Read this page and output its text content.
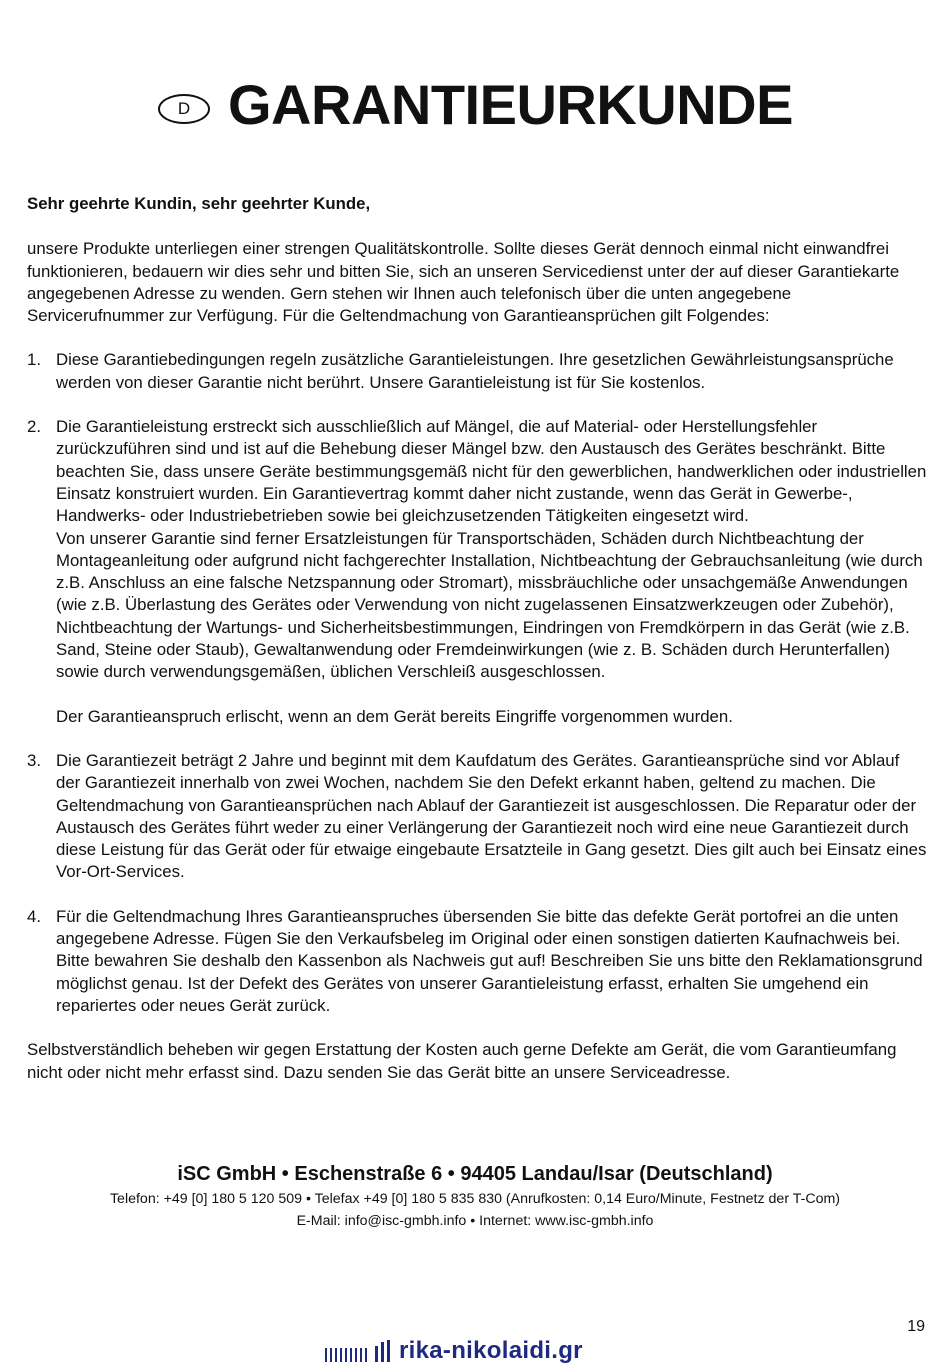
D GARANTIEURKUNDE

Sehr geehrte Kundin, sehr geehrter Kunde,

unsere Produkte unterliegen einer strengen Qualitätskontrolle. Sollte dieses Gerät dennoch einmal nicht einwandfrei funktionieren, bedauern wir dies sehr und bitten Sie, sich an unseren Servicedienst unter der auf dieser Garantiekarte angegebenen Adresse zu wenden. Gern stehen wir Ihnen auch telefonisch über die unten angegebene Servicerufnummer zur Verfügung. Für die Geltendmachung von Garantieansprüchen gilt Folgendes:

1. Diese Garantiebedingungen regeln zusätzliche Garantieleistungen. Ihre gesetzlichen Gewährleistungsansprüche werden von dieser Garantie nicht berührt. Unsere Garantieleistung ist für Sie kostenlos.

2. Die Garantieleistung erstreckt sich ausschließlich auf Mängel, die auf Material- oder Herstellungsfehler zurückzuführen sind und ist auf die Behebung dieser Mängel bzw. den Austausch des Gerätes beschränkt. Bitte beachten Sie, dass unsere Geräte bestimmungsgemäß nicht für den gewerblichen, handwerklichen oder industriellen Einsatz konstruiert wurden. Ein Garantievertrag kommt daher nicht zustande, wenn das Gerät in Gewerbe-, Handwerks- oder Industriebetrieben sowie bei gleichzusetzenden Tätigkeiten eingesetzt wird.

Von unserer Garantie sind ferner Ersatzleistungen für Transportschäden, Schäden durch Nichtbeachtung der Montageanleitung oder aufgrund nicht fachgerechter Installation, Nichtbeachtung der Gebrauchsanleitung (wie durch z.B. Anschluss an eine falsche Netzspannung oder Stromart), missbräuchliche oder unsachgemäße Anwendungen (wie z.B. Überlastung des Gerätes oder Verwendung von nicht zugelassenen Einsatzwerkzeugen oder Zubehör), Nichtbeachtung der Wartungs- und Sicherheitsbestimmungen, Eindringen von Fremdkörpern in das Gerät (wie z.B. Sand, Steine oder Staub), Gewaltanwendung oder Fremdeinwirkungen (wie z. B. Schäden durch Herunterfallen) sowie durch verwendungsgemäßen, üblichen Verschleiß ausgeschlossen.

Der Garantieanspruch erlischt, wenn an dem Gerät bereits Eingriffe vorgenommen wurden.

3. Die Garantiezeit beträgt 2 Jahre und beginnt mit dem Kaufdatum des Gerätes. Garantieansprüche sind vor Ablauf der Garantiezeit innerhalb von zwei Wochen, nachdem Sie den Defekt erkannt haben, geltend zu machen. Die Geltendmachung von Garantieansprüchen nach Ablauf der Garantiezeit ist ausgeschlossen. Die Reparatur oder der Austausch des Gerätes führt weder zu einer Verlängerung der Garantiezeit noch wird eine neue Garantiezeit durch diese Leistung für das Gerät oder für etwaige eingebaute Ersatzteile in Gang gesetzt. Dies gilt auch bei Einsatz eines Vor-Ort-Services.

4. Für die Geltendmachung Ihres Garantieanspruches übersenden Sie bitte das defekte Gerät portofrei an die unten angegebene Adresse. Fügen Sie den Verkaufsbeleg im Original oder einen sonstigen datierten Kaufnachweis bei. Bitte bewahren Sie deshalb den Kassenbon als Nachweis gut auf! Beschreiben Sie uns bitte den Reklamationsgrund möglichst genau. Ist der Defekt des Gerätes von unserer Garantieleistung erfasst, erhalten Sie umgehend ein repariertes oder neues Gerät zurück.

Selbstverständlich beheben wir gegen Erstattung der Kosten auch gerne Defekte am Gerät, die vom Garantieumfang nicht oder nicht mehr erfasst sind. Dazu senden Sie das Gerät bitte an unsere Serviceadresse.

iSC GmbH • Eschenstraße 6 • 94405 Landau/Isar (Deutschland)
Telefon: +49 [0] 180 5 120 509 • Telefax +49 [0] 180 5 835 830 (Anrufkosten: 0,14 Euro/Minute, Festnetz der T-Com)
E-Mail: info@isc-gmbh.info • Internet: www.isc-gmbh.info
19
rika-nikolaidi.gr
